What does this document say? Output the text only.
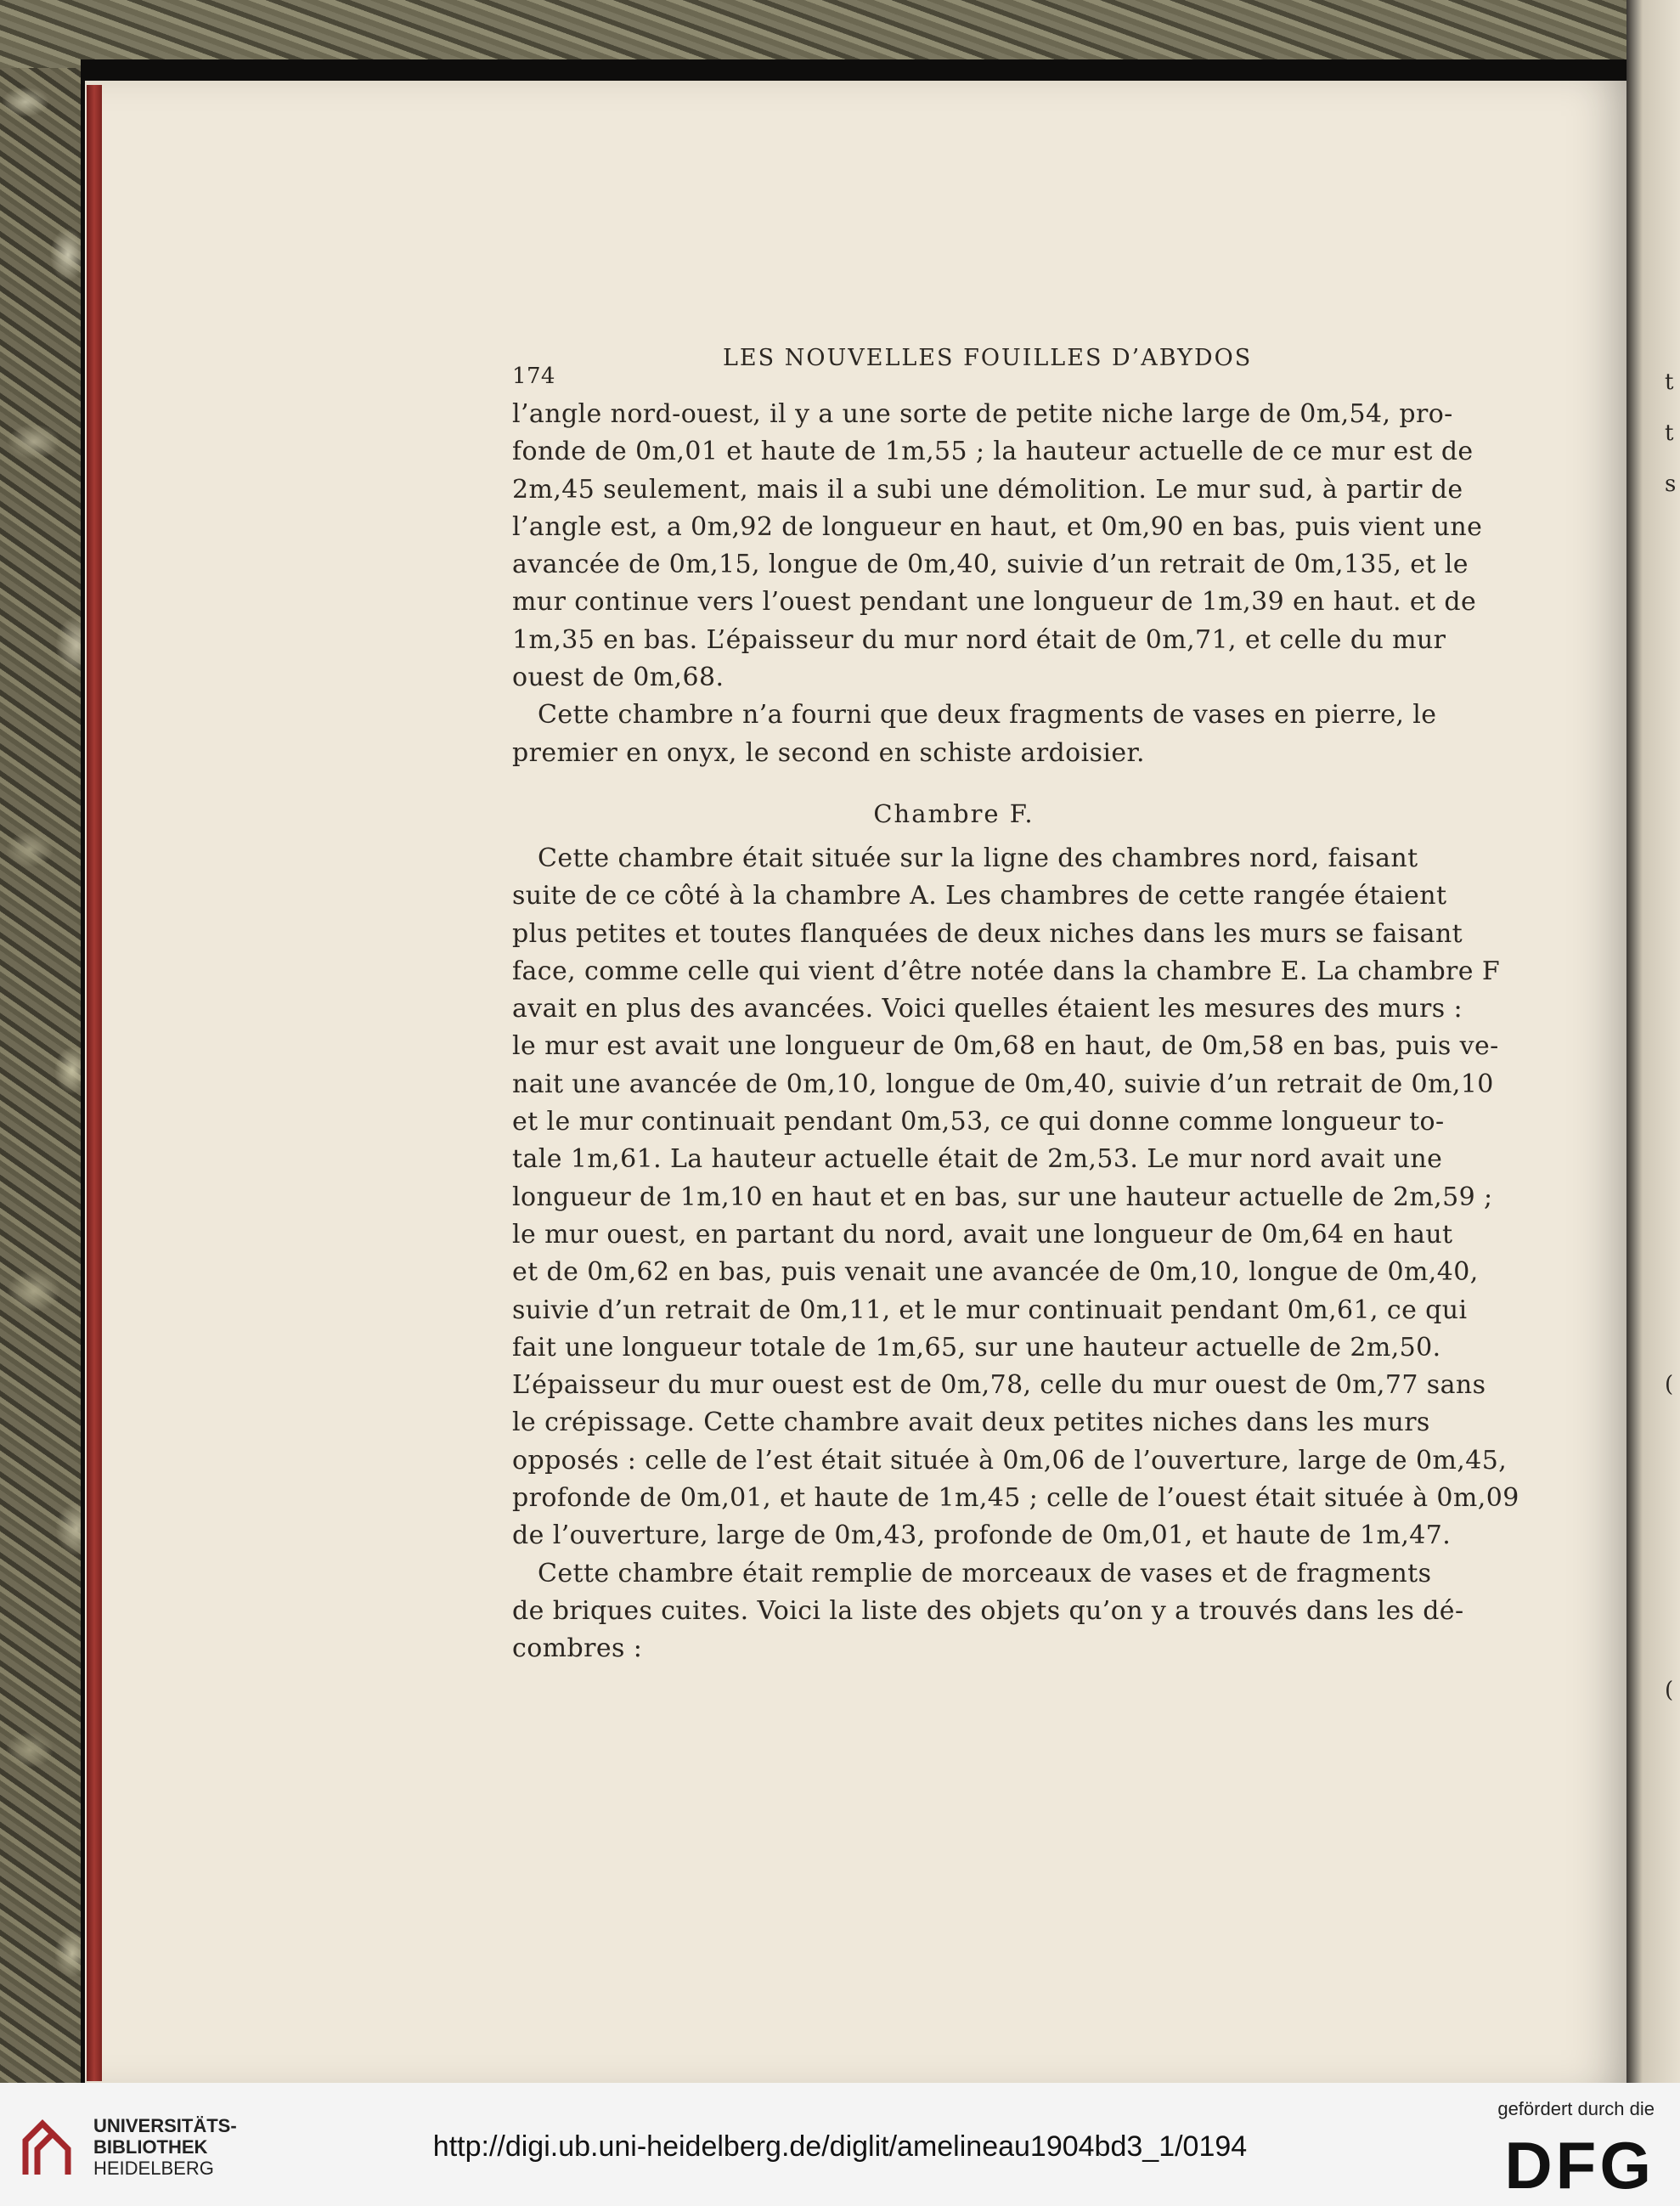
t
t
s
(
(
174
LES NOUVELLES FOUILLES D’ABYDOS
l’angle nord-ouest, il y a une sorte de petite niche large de 0m,54, pro-
fonde de 0m,01 et haute de 1m,55 ; la hauteur actuelle de ce mur est de
2m,45 seulement, mais il a subi une démolition. Le mur sud, à partir de
l’angle est, a 0m,92 de longueur en haut, et 0m,90 en bas, puis vient une
avancée de 0m,15, longue de 0m,40, suivie d’un retrait de 0m,135, et le
mur continue vers l’ouest pendant une longueur de 1m,39 en haut. et de
1m,35 en bas. L’épaisseur du mur nord était de 0m,71, et celle du mur
ouest de 0m,68.
Cette chambre n’a fourni que deux fragments de vases en pierre, le
premier en onyx, le second en schiste ardoisier.
Chambre F.
Cette chambre était située sur la ligne des chambres nord, faisant
suite de ce côté à la chambre A. Les chambres de cette rangée étaient
plus petites et toutes flanquées de deux niches dans les murs se faisant
face, comme celle qui vient d’être notée dans la chambre E. La chambre F
avait en plus des avancées. Voici quelles étaient les mesures des murs :
le mur est avait une longueur de 0m,68 en haut, de 0m,58 en bas, puis ve-
nait une avancée de 0m,10, longue de 0m,40, suivie d’un retrait de 0m,10
et le mur continuait pendant 0m,53, ce qui donne comme longueur to-
tale 1m,61. La hauteur actuelle était de 2m,53. Le mur nord avait une
longueur de 1m,10 en haut et en bas, sur une hauteur actuelle de 2m,59 ;
le mur ouest, en partant du nord, avait une longueur de 0m,64 en haut
et de 0m,62 en bas, puis venait une avancée de 0m,10, longue de 0m,40,
suivie d’un retrait de 0m,11, et le mur continuait pendant 0m,61, ce qui
fait une longueur totale de 1m,65, sur une hauteur actuelle de 2m,50.
L’épaisseur du mur ouest est de 0m,78, celle du mur ouest de 0m,77 sans
le crépissage. Cette chambre avait deux petites niches dans les murs
opposés : celle de l’est était située à 0m,06 de l’ouverture, large de 0m,45,
profonde de 0m,01, et haute de 1m,45 ; celle de l’ouest était située à 0m,09
de l’ouverture, large de 0m,43, profonde de 0m,01, et haute de 1m,47.
Cette chambre était remplie de morceaux de vases et de fragments
de briques cuites. Voici la liste des objets qu’on y a trouvés dans les dé-
combres :
UNIVERSITÄTS-
BIBLIOTHEK
HEIDELBERG
http://digi.ub.uni-heidelberg.de/diglit/amelineau1904bd3_1/0194
gefördert durch die
DFG
